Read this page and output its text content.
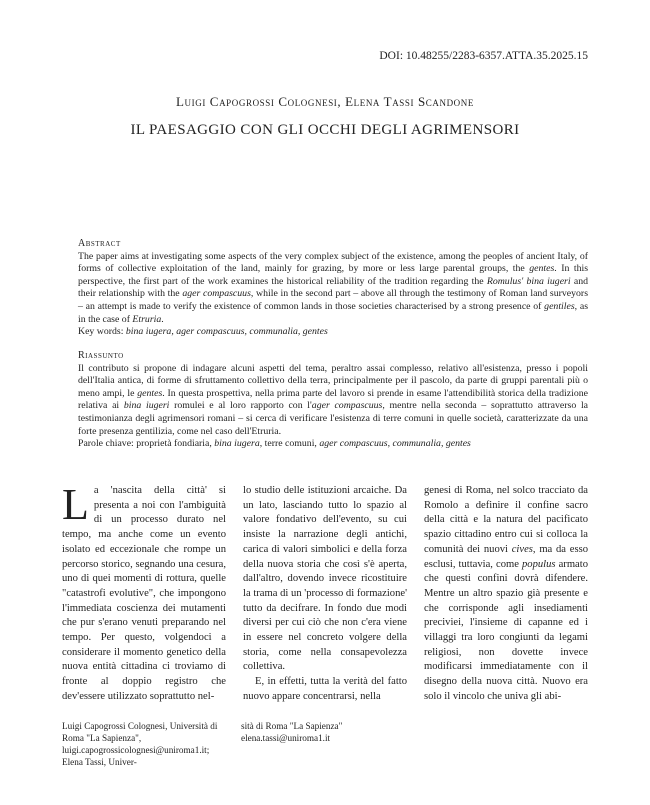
DOI: 10.48255/2283-6357.ATTA.35.2025.15
Luigi Capogrossi Colognesi, Elena Tassi Scandone
IL PAESAGGIO CON GLI OCCHI DEGLI AGRIMENSORI
Abstract
The paper aims at investigating some aspects of the very complex subject of the existence, among the peoples of ancient Italy, of forms of collective exploitation of the land, mainly for grazing, by more or less large parental groups, the gentes. In this perspective, the first part of the work examines the historical reliability of the tradition regarding the Romulus' bina iugeri and their relationship with the ager compascuus, while in the second part – above all through the testimony of Roman land surveyors – an attempt is made to verify the existence of common lands in those societies characterised by a strong presence of gentiles, as in the case of Etruria.
Key words: bina iugera, ager compascuus, communalia, gentes
Riassunto
Il contributo si propone di indagare alcuni aspetti del tema, peraltro assai complesso, relativo all'esistenza, presso i popoli dell'Italia antica, di forme di sfruttamento collettivo della terra, principalmente per il pascolo, da parte di gruppi parentali più o meno ampi, le gentes. In questa prospettiva, nella prima parte del lavoro si prende in esame l'attendibilità storica della tradizione relativa ai bina iugeri romulei e al loro rapporto con l'ager compascuus, mentre nella seconda – soprattutto attraverso la testimonianza degli agrimensori romani – si cerca di verificare l'esistenza di terre comuni in quelle società, caratterizzate da una forte presenza gentilizia, come nel caso dell'Etruria.
Parole chiave: proprietà fondiaria, bina iugera, terre comuni, ager compascuus, communalia, gentes

La 'nascita della città' si presenta a noi con l'ambiguità di un processo durato nel tempo, ma anche come un evento isolato ed eccezionale che rompe un percorso storico, segnando una cesura, uno di quei momenti di rottura, quelle "catastrofi evolutive", che impongono l'immediata coscienza dei mutamenti che pur s'erano venuti preparando nel tempo. Per questo, volgendoci a considerare il momento genetico della nuova entità cittadina ci troviamo di fronte al doppio registro che dev'essere utilizzato soprattutto nel-

lo studio delle istituzioni arcaiche. Da un lato, lasciando tutto lo spazio al valore fondativo dell'evento, su cui insiste la narrazione degli antichi, carica di valori simbolici e della forza della nuova storia che così s'è aperta, dall'altro, dovendo invece ricostituire la trama di un 'processo di formazione' tutto da decifrare. In fondo due modi diversi per cui ciò che non c'era viene in essere nel concreto volgere della storia, come nella consapevolezza collettiva.

E, in effetti, tutta la verità del fatto nuovo appare concentrarsi, nella

genesi di Roma, nel solco tracciato da Romolo a definire il confine sacro della città e la natura del pacificato spazio cittadino entro cui si colloca la comunità dei nuovi cives, ma da esso esclusi, tuttavia, come populus armato che questi confini dovrà difendere. Mentre un altro spazio già presente e che corrisponde agli insediamenti preciviei, l'insieme di capanne ed i villaggi tra loro congiunti da legami religiosi, non dovette invece modificarsi immediatamente con il disegno della nuova città. Nuovo era solo il vincolo che univa gli abi-

Luigi Capogrossi Colognesi, Università di Roma "La Sapienza", luigi.capogrossicolognesi@uniroma1.it; Elena Tassi, Univer-
sità di Roma "La Sapienza" elena.tassi@uniroma1.it
